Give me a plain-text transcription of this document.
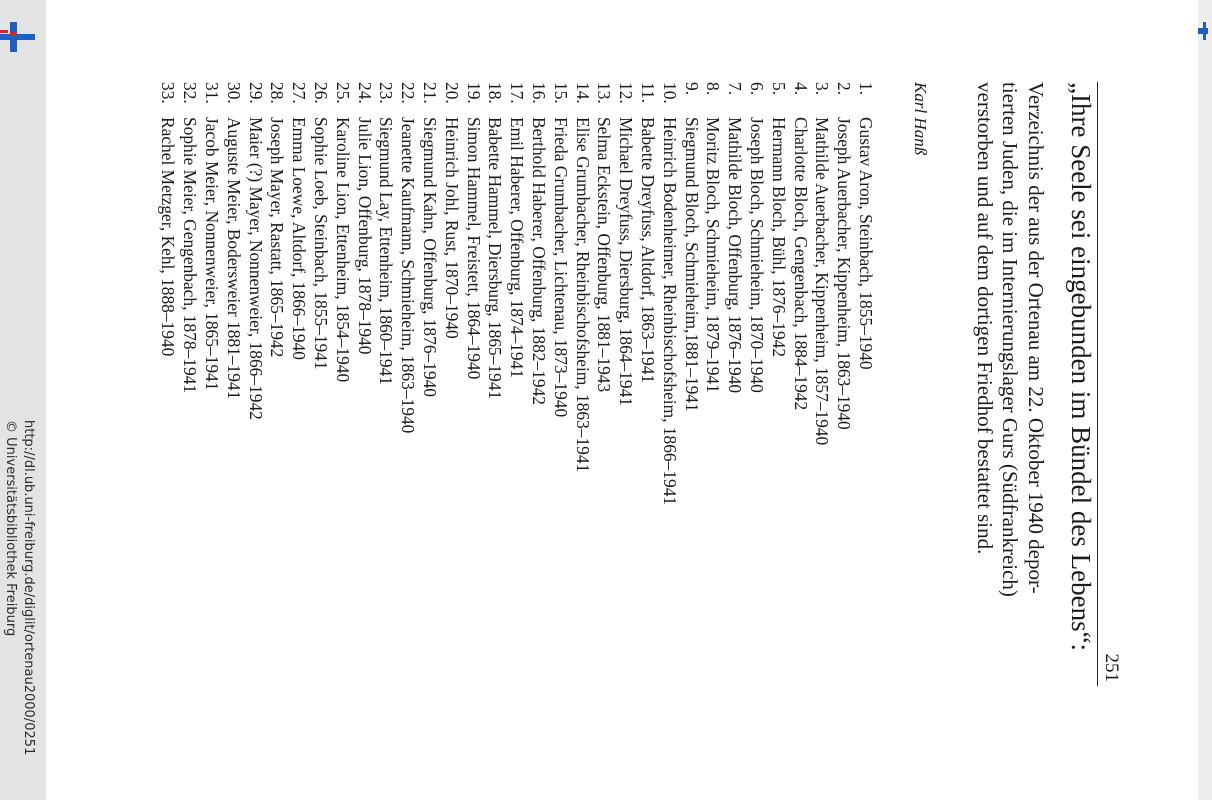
251
„Ihre Seele sei eingebunden im Bündel des Lebens“:
Verzeichnis der aus der Ortenau am 22. Oktober 1940 depor-
tierten Juden, die im Internierungslager Gurs (Südfrankreich)
verstorben und auf dem dortigen Friedhof bestattet sind.
Karl Hanß
1.
Gustav Aron, Steinbach, 1855–1940
2.
Joseph Auerbacher, Kippenheim, 1863–1940
3.
Mathilde Auerbacher, Kippenheim, 1857–1940
4.
Charlotte Bloch, Gengenbach, 1884–1942
5.
Hermann Bloch, Bühl, 1876–1942
6.
Joseph Bloch, Schmieheim, 1870–1940
7.
Mathilde Bloch, Offenburg, 1876–1940
8.
Moritz Bloch, Schmieheim, 1879–1941
9.
Siegmund Bloch, Schmieheim,1881–1941
10.
Heinrich Bodenheimer, Rheinbischofsheim, 1866–1941
11.
Babette Dreyfuss, Altdorf, 1863–1941
12.
Michael Dreyfuss, Diersburg, 1864–1941
13.
Selma Eckstein, Offenburg, 1881–1943
14.
Elise Grumbacher, Rheinbischofsheim, 1863–1941
15.
Frieda Grumbacher, Lichtenau, 1873–1940
16.
Berthold Haberer, Offenburg, 1882–1942
17.
Emil Haberer, Offenburg, 1874–1941
18.
Babette Hammel, Diersburg, 1865–1941
19.
Simon Hammel, Freistett, 1864–1940
20.
Heinrich Johl, Rust, 1870–1940
21.
Siegmund Kahn, Offenburg, 1876–1940
22.
Jeanette Kaufmann, Schmieheim, 1863–1940
23.
Siegmund Lay, Ettenheim, 1860–1941
24.
Julie Lion, Offenburg, 1878–1940
25.
Karoline Lion, Ettenheim, 1854–1940
26.
Sophie Loeb, Steinbach, 1855–1941
27.
Emma Loewe, Altdorf, 1866–1940
28.
Joseph Mayer, Rastatt, 1865–1942
29.
Maier (?) Mayer, Nonnenweier, 1866–1942
30.
Auguste Meier, Bodersweier 1881–1941
31.
Jacob Meier, Nonnenweier, 1865–1941
32.
Sophie Meier, Gengenbach, 1878–1941
33.
Rachel Metzger, Kehl, 1888–1940
http://dl.ub.uni-freiburg.de/diglit/ortenau2000/0251
© Universitätsbibliothek Freiburg
